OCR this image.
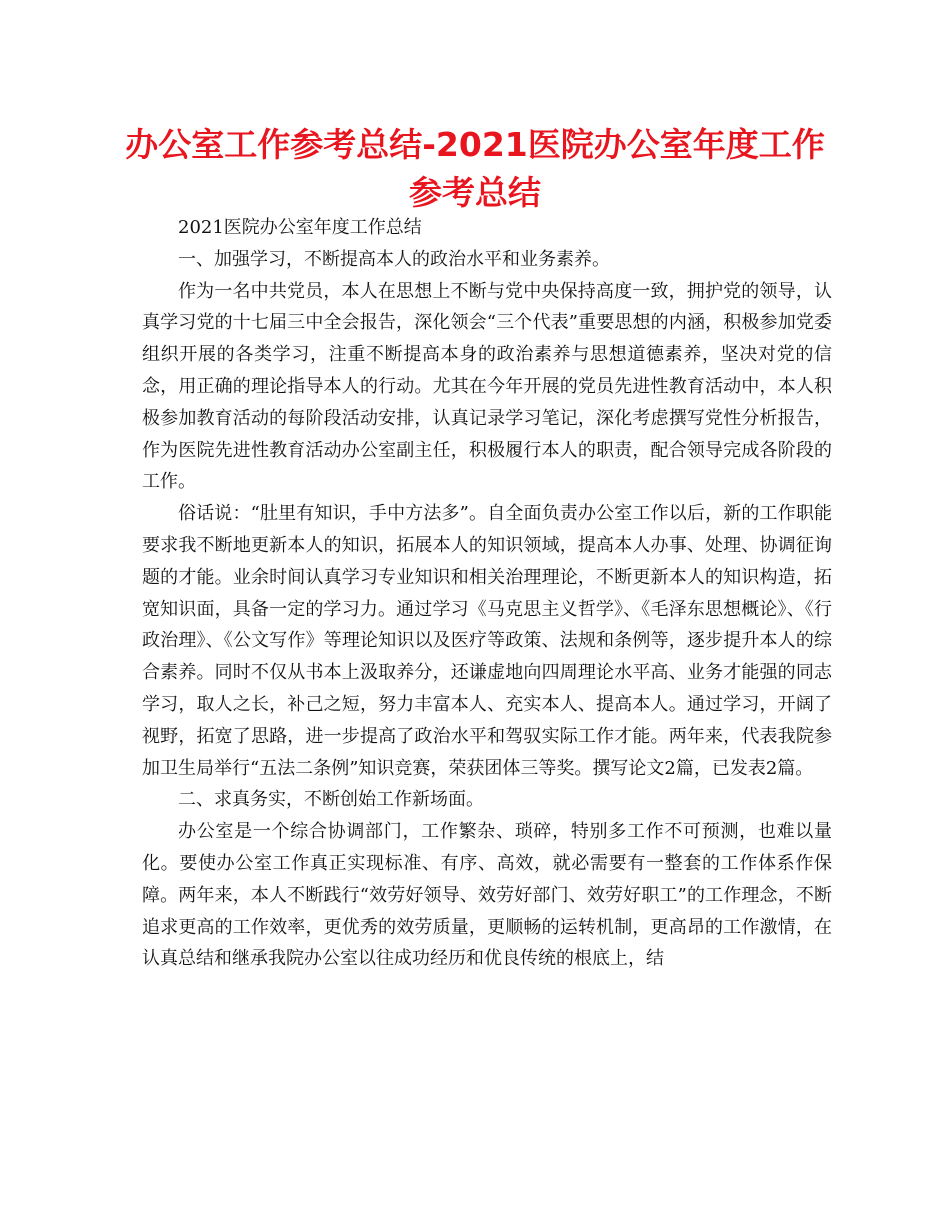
办公室工作参考总结-2021医院办公室年度工作
参考总结

2021医院办公室年度工作总结

一、加强学习，不断提高本人的政治水平和业务素养。

作为一名中共党员，本人在思想上不断与党中央保持高度一致，拥护党的领导，认真学习党的十七届三中全会报告，深化领会“三个代表”重要思想的内涵，积极参加党委组织开展的各类学习，注重不断提高本身的政治素养与思想道德素养，坚决对党的信念，用正确的理论指导本人的行动。尤其在今年开展的党员先进性教育活动中，本人积极参加教育活动的每阶段活动安排，认真记录学习笔记，深化考虑撰写党性分析报告，作为医院先进性教育活动办公室副主任，积极履行本人的职责，配合领导完成各阶段的工作。

俗话说：“肚里有知识，手中方法多”。自全面负责办公室工作以后，新的工作职能要求我不断地更新本人的知识，拓展本人的知识领域，提高本人办事、处理、协调征询题的才能。业余时间认真学习专业知识和相关治理理论，不断更新本人的知识构造，拓宽知识面，具备一定的学习力。通过学习《马克思主义哲学》、《毛泽东思想概论》、《行政治理》、《公文写作》等理论知识以及医疗等政策、法规和条例等，逐步提升本人的综合素养。同时不仅从书本上汲取养分，还谦虚地向四周理论水平高、业务才能强的同志学习，取人之长，补己之短，努力丰富本人、充实本人、提高本人。通过学习，开阔了视野，拓宽了思路，进一步提高了政治水平和驾驭实际工作才能。两年来，代表我院参加卫生局举行“五法二条例”知识竞赛，荣获团体三等奖。撰写论文2篇，已发表2篇。

二、求真务实，不断创始工作新场面。

办公室是一个综合协调部门，工作繁杂、琐碎，特别多工作不可预测，也难以量化。要使办公室工作真正实现标准、有序、高效，就必需要有一整套的工作体系作保障。两年来，本人不断践行“效劳好领导、效劳好部门、效劳好职工”的工作理念，不断追求更高的工作效率，更优秀的效劳质量，更顺畅的运转机制，更高昂的工作激情，在认真总结和继承我院办公室以往成功经历和优良传统的根底上，结
